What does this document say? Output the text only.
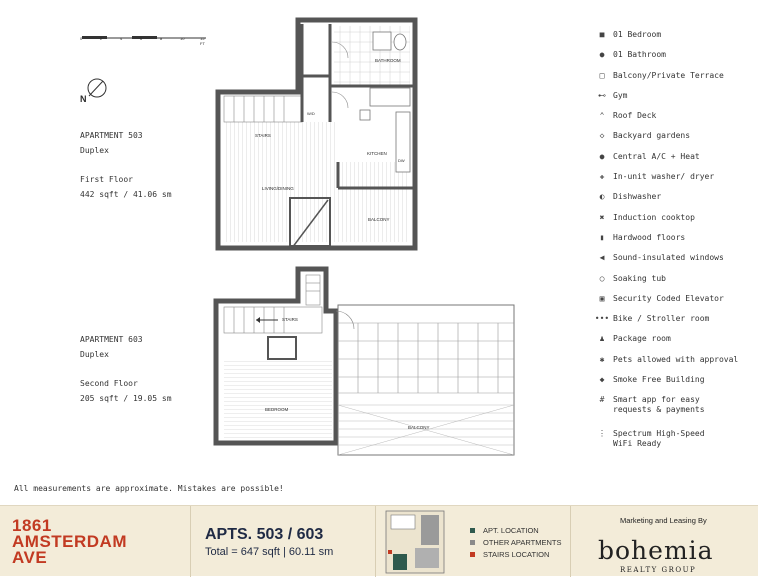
0	2	4	6	8	10	15 FT
N
APARTMENT 503
Duplex
First Floor
442 sqft / 41.06 sm
APARTMENT 603
Duplex
Second Floor
205 sqft / 19.05 sm
BATHROOM
STAIRS
KITCHEN
LIVING/DINING
BALCONY
W/D
DW
BEDROOM
STAIRS
BALCONY
■	01 Bedroom
●	01 Bathroom
□	Balcony/Private Terrace
⊷ Gym
⌃	Roof Deck
◇	Backyard gardens
●	Central A/C + Heat
✚	In-unit washer/ dryer
◐	Dishwasher
✖	Induction cooktop
▮	Hardwood floors
◀	Sound-insulated windows
○	Soaking tub
▣	Security Coded Elevator
••• Bike / Stroller room
♟	Package room
✱	Pets allowed with approval
◆	Smoke Free Building
#	Smart app for easy
requests & payments
⋮ Spectrum High-Speed
WiFi Ready
All measurements are approximate. Mistakes are possible!
1861
AMSTERDAM
AVE
APTS. 503 / 603
Total = 647 sqft | 60.11 sm
APT. LOCATION
OTHER APARTMENTS
STAIRS LOCATION
Marketing and Leasing By
bohemia
REALTY GROUP
